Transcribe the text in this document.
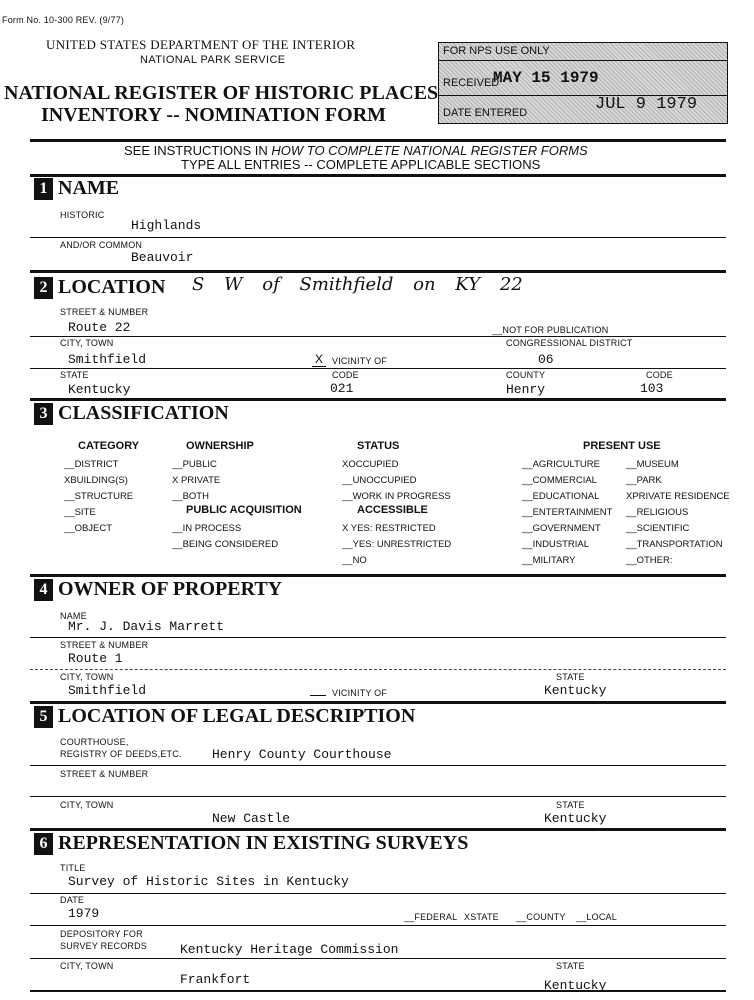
Form No. 10-300 REV. (9/77)
UNITED STATES DEPARTMENT OF THE INTERIOR
NATIONAL PARK SERVICE
NATIONAL REGISTER OF HISTORIC PLACES
INVENTORY -- NOMINATION FORM
FOR NPS USE ONLY
RECEIVED
MAY 15 1979
DATE ENTERED	JUL 9 1979
SEE INSTRUCTIONS IN HOW TO COMPLETE NATIONAL REGISTER FORMS
TYPE ALL ENTRIES -- COMPLETE APPLICABLE SECTIONS
1 NAME
HISTORIC
Highlands
AND/OR COMMON
Beauvoir
2 LOCATION S W of Smithfield on KY 22
STREET & NUMBER
Route 22	__NOT FOR PUBLICATION
CITY, TOWN	CONGRESSIONAL DISTRICT
Smithfield	X	VICINITY OF	06
STATE	CODE	COUNTY	CODE
Kentucky	021	Henry	103
3 CLASSIFICATION
CATEGORY
__DISTRICT
XBUILDING(S)
__STRUCTURE
__SITE
__OBJECT
OWNERSHIP
__PUBLIC
X PRIVATE
__BOTH
PUBLIC ACQUISITION
__IN PROCESS
__BEING CONSIDERED
STATUS
XOCCUPIED
__UNOCCUPIED
__WORK IN PROGRESS
ACCESSIBLE
X YES: RESTRICTED
__YES: UNRESTRICTED
__NO
PRESENT USE
__AGRICULTURE
__COMMERCIAL
__EDUCATIONAL
__ENTERTAINMENT
__GOVERNMENT
__INDUSTRIAL
__MILITARY
__MUSEUM
__PARK
XPRIVATE RESIDENCE
__RELIGIOUS
__SCIENTIFIC
__TRANSPORTATION
__OTHER:
4 OWNER OF PROPERTY
NAME
Mr. J. Davis Marrett
STREET & NUMBER
Route 1
CITY, TOWN	STATE
Smithfield	VICINITY OF	Kentucky
5 LOCATION OF LEGAL DESCRIPTION
COURTHOUSE,
REGISTRY OF DEEDS,ETC. Henry County Courthouse
STREET & NUMBER
CITY, TOWN	STATE
New Castle	Kentucky
6 REPRESENTATION IN EXISTING SURVEYS
TITLE
Survey of Historic Sites in Kentucky
DATE
1979	__FEDERAL XSTATE __COUNTY __LOCAL
DEPOSITORY FOR
SURVEY RECORDS	Kentucky Heritage Commission
CITY, TOWN	STATE
Frankfort	Kentucky
